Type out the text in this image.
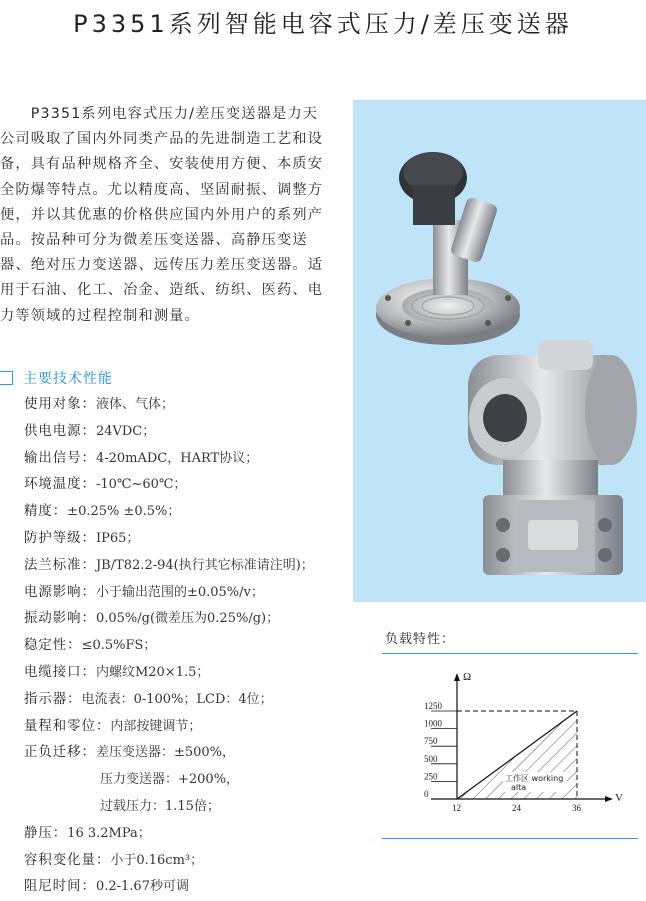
P3351系列智能电容式压力/差压变送器

　　P3351系列电容式压力/差压变送器是力天公司吸取了国内外同类产品的先进制造工艺和设备，具有品种规格齐全、安装使用方便、本质安全防爆等特点。尤以精度高、坚固耐振、调整方便，并以其优惠的价格供应国内外用户的系列产品。按品种可分为微差压变送器、高静压变送器、绝对压力变送器、远传压力差压变送器。适用于石油、化工、冶金、造纸、纺织、医药、电力等领域的过程控制和测量。

主要技术性能
使用对象：液体、气体；
供电电源：24VDC；
输出信号：4-20mADC，HART协议；
环境温度：-10℃~60℃；
精度：±0.25% ±0.5%；
防护等级：IP65；
法兰标准：JB/T82.2-94(执行其它标准请注明)；
电源影响：小于输出范围的±0.05%/v；
振动影响：0.05%/g(微差压为0.25%/g)；
稳定性：≤0.5%FS；
电缆接口：内螺纹M20×1.5；
指示器：电流表：0-100%；LCD：4位；
量程和零位：内部按键调节；
正负迁移：差压变送器：±500%，
压力变送器：+200%，
过载压力：1.15倍；
静压：16 3.2MPa；
容积变化量：小于0.16cm³；
阻尼时间：0.2-1.67秒可调
负载特性：
0
250
500
750
1000
1250
12	24	36
V
Ω
工作区 working
alta
